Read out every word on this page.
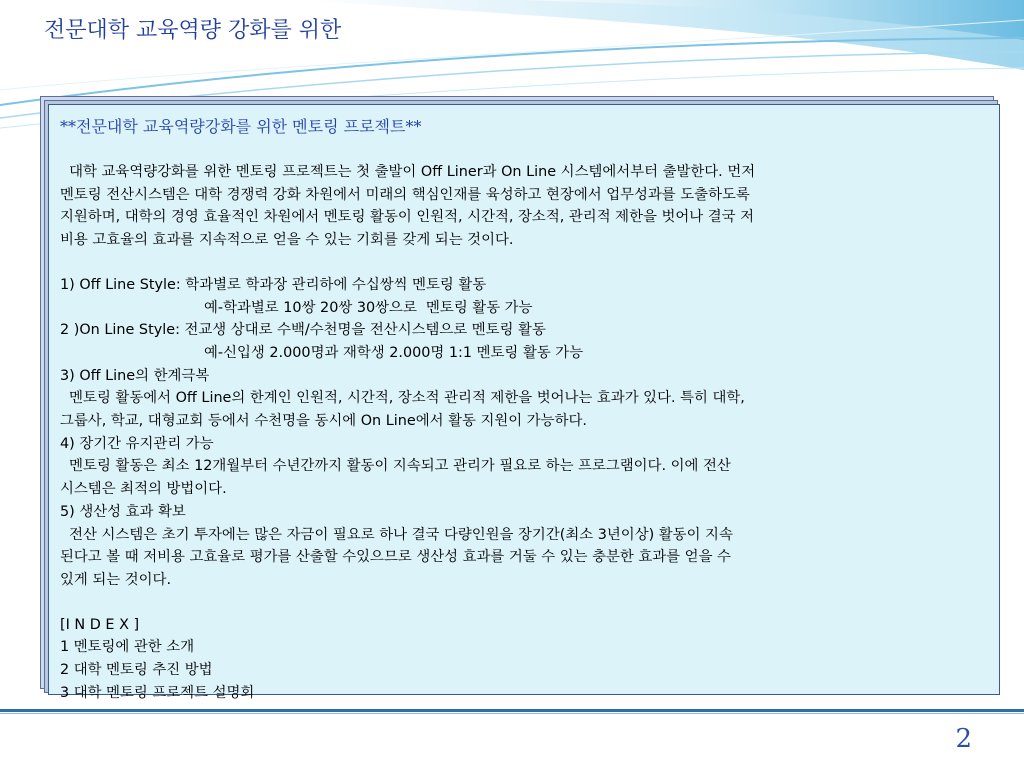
전문대학 교육역량 강화를 위한
**전문대학 교육역량강화를 위한 멘토링 프로젝트**
대학 교육역량강화를 위한 멘토링 프로젝트는 첫 출발이 Off Liner과 On Line 시스템에서부터 출발한다. 먼저
멘토링 전산시스템은 대학 경쟁력 강화 차원에서 미래의 핵심인재를 육성하고 현장에서 업무성과를 도출하도록
지원하며, 대학의 경영 효율적인 차원에서 멘토링 활동이 인원적, 시간적, 장소적, 관리적 제한을 벗어나 결국 저
비용 고효율의 효과를 지속적으로 얻을 수 있는 기회를 갖게 되는 것이다.
1) Off Line Style: 학과별로 학과장 관리하에 수십쌍씩 멘토링 활동
예-학과별로 10쌍 20쌍 30쌍으로  멘토링 활동 가능
2 )On Line Style: 전교생 상대로 수백/수천명을 전산시스템으로 멘토링 활동
예-신입생 2.000명과 재학생 2.000명 1:1 멘토링 활동 가능
3) Off Line의 한계극복
멘토링 활동에서 Off Line의 한계인 인원적, 시간적, 장소적 관리적 제한을 벗어나는 효과가 있다. 특히 대학,
그룹사, 학교, 대형교회 등에서 수천명을 동시에 On Line에서 활동 지원이 가능하다.
4) 장기간 유지관리 가능
멘토링 활동은 최소 12개월부터 수년간까지 활동이 지속되고 관리가 필요로 하는 프로그램이다. 이에 전산
시스템은 최적의 방법이다.
5) 생산성 효과 확보
전산 시스템은 초기 투자에는 많은 자금이 필요로 하나 결국 다량인원을 장기간(최소 3년이상) 활동이 지속
된다고 볼 때 저비용 고효율로 평가를 산출할 수있으므로 생산성 효과를 거둘 수 있는 충분한 효과를 얻을 수
있게 되는 것이다.
[I N D E X ]
1 멘토링에 관한 소개
2 대학 멘토링 추진 방법
3 대학 멘토링 프로젝트 설명회
2
